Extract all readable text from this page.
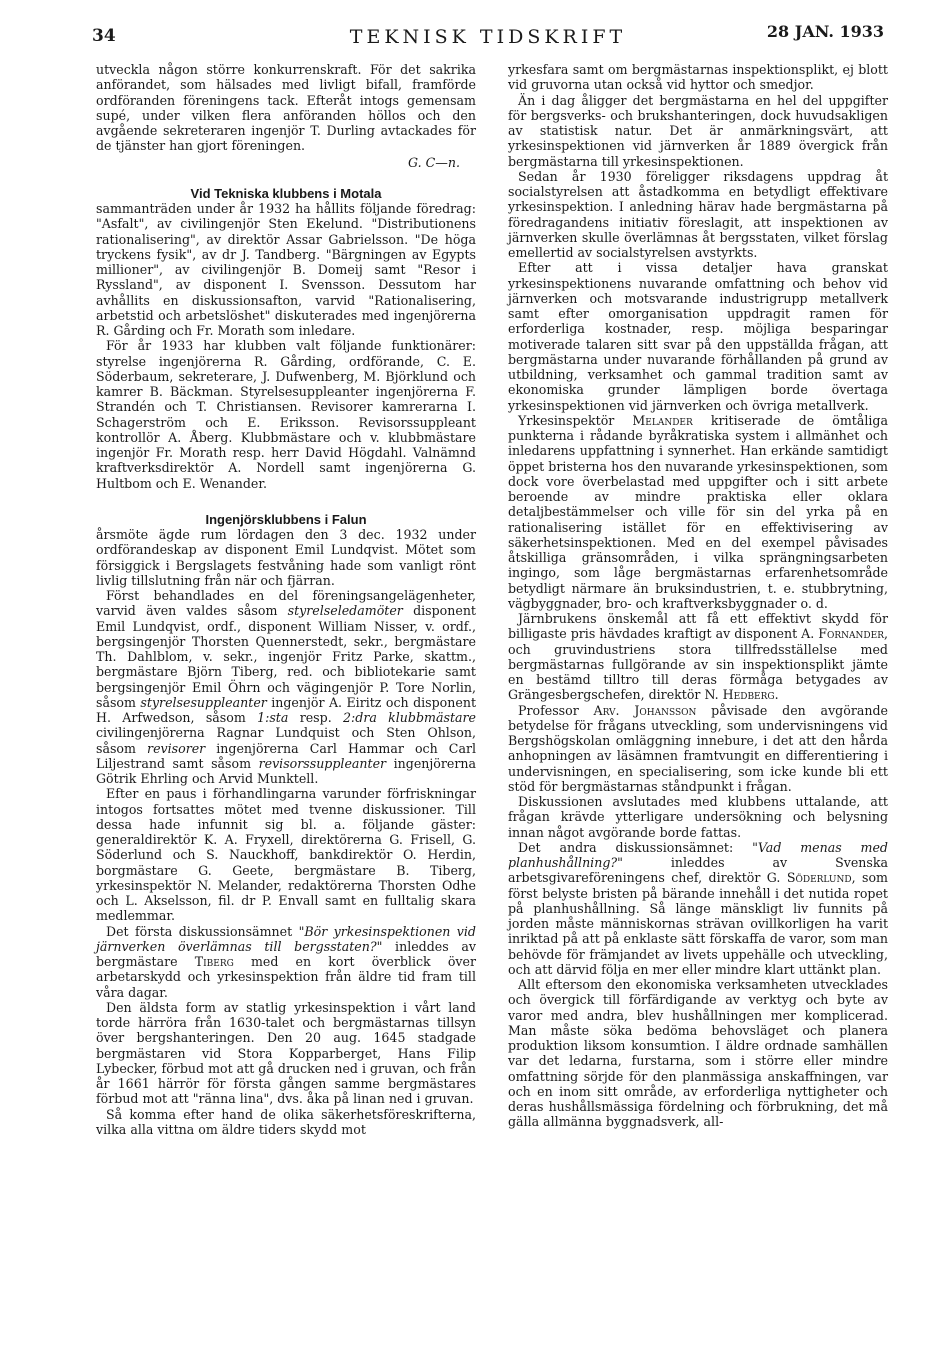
34	TEKNISK TIDSKRIFT	28 JAN. 1933

utveckla någon större konkurrenskraft. För det sakrika anförandet, som hälsades med livligt bifall, framförde ordföranden föreningens tack. Efteråt intogs gemensam supé, under vilken flera anföranden höllos och den avgående sekreteraren ingenjör T. Durling avtackades för de tjänster han gjort föreningen.

G. C—n.
Vid Tekniska klubbens i Motala

sammanträden under år 1932 ha hållits följande föredrag: "Asfalt", av civilingenjör Sten Ekelund. "Distributionens rationalisering", av direktör Assar Gabrielsson. "De höga tryckens fysik", av dr J. Tandberg. "Bärgningen av Egypts millioner", av civilingenjör B. Domeij samt "Resor i Ryssland", av disponent I. Svensson. Dessutom har avhållits en diskussionsafton, varvid "Rationalisering, arbetstid och arbetslöshet" diskuterades med ingenjörerna R. Gårding och Fr. Morath som inledare.

För år 1933 har klubben valt följande funktionärer: styrelse ingenjörerna R. Gårding, ordförande, C. E. Söderbaum, sekreterare, J. Dufwenberg, M. Björklund och kamrer B. Bäckman. Styrelsesuppleanter ingenjörerna F. Strandén och T. Christiansen. Revisorer kamrerarna I. Schagerström och E. Eriksson. Revisorssuppleant kontrollör A. Åberg. Klubbmästare och v. klubbmästare ingenjör Fr. Morath resp. herr David Högdahl. Valnämnd kraftverksdirektör A. Nordell samt ingenjörerna G. Hultbom och E. Wenander.

Ingenjörsklubbens i Falun

årsmöte ägde rum lördagen den 3 dec. 1932 under ordförandeskap av disponent Emil Lundqvist. Mötet som försiggick i Bergslagets festvåning hade som vanligt rönt livlig tillslutning från när och fjärran.

Först behandlades en del föreningsangelägenheter, varvid även valdes såsom styrelseledamöter disponent Emil Lundqvist, ordf., disponent William Nisser, v. ordf., bergsingenjör Thorsten Quennerstedt, sekr., bergmästare Th. Dahlblom, v. sekr., ingenjör Fritz Parke, skattm., bergmästare Björn Tiberg, red. och bibliotekarie samt bergsingenjör Emil Öhrn och vägingenjör P. Tore Norlin, såsom styrelsesuppleanter ingenjör A. Eiritz och disponent H. Arfwedson, såsom 1:sta resp. 2:dra klubbmästare civilingenjörerna Ragnar Lundquist och Sten Ohlson, såsom revisorer ingenjörerna Carl Hammar och Carl Liljestrand samt såsom revisorssuppleanter ingenjörerna Götrik Ehrling och Arvid Munktell.

Efter en paus i förhandlingarna varunder förfriskningar intogos fortsattes mötet med tvenne diskussioner. Till dessa hade infunnit sig bl. a. följande gäster: generaldirektör K. A. Fryxell, direktörerna G. Frisell, G. Söderlund och S. Nauckhoff, bankdirektör O. Herdin, borgmästare G. Geete, bergmästare B. Tiberg, yrkesinspektör N. Melander, redaktörerna Thorsten Odhe och L. Akselsson, fil. dr P. Envall samt en fulltalig skara medlemmar.

Det första diskussionsämnet "Bör yrkesinspektionen vid järnverken överlämnas till bergsstaten?" inleddes av bergmästare Tiberg med en kort överblick över arbetarskydd och yrkesinspektion från äldre tid fram till våra dagar.

Den äldsta form av statlig yrkesinspektion i vårt land torde härröra från 1630-talet och bergmästarnas tillsyn över bergshanteringen. Den 20 aug. 1645 stadgade bergmästaren vid Stora Kopparberget, Hans Filip Lybecker, förbud mot att gå drucken ned i gruvan, och från år 1661 härrör för första gången samme bergmästares förbud mot att "ränna lina", dvs. åka på linan ned i gruvan.

Så komma efter hand de olika säkerhetsföreskrifterna, vilka alla vittna om äldre tiders skydd mot

yrkesfara samt om bergmästarnas inspektionsplikt, ej blott vid gruvorna utan också vid hyttor och smedjor.

Än i dag åligger det bergmästarna en hel del uppgifter för bergsverks- och brukshanteringen, dock huvudsakligen av statistisk natur. Det är anmärkningsvärt, att yrkesinspektionen vid järnverken år 1889 övergick från bergmästarna till yrkesinspektionen.

Sedan år 1930 föreligger riksdagens uppdrag åt socialstyrelsen att åstadkomma en betydligt effektivare yrkesinspektion. I anledning härav hade bergmästarna på föredragandens initiativ föreslagit, att inspektionen av järnverken skulle överlämnas åt bergsstaten, vilket förslag emellertid av socialstyrelsen avstyrkts.

Efter att i vissa detaljer hava granskat yrkesinspektionens nuvarande omfattning och behov vid järnverken och motsvarande industrigrupp metallverk samt efter omorganisation uppdragit ramen för erforderliga kostnader, resp. möjliga besparingar motiverade talaren sitt svar på den uppställda frågan, att bergmästarna under nuvarande förhållanden på grund av utbildning, verksamhet och gammal tradition samt av ekonomiska grunder lämpligen borde övertaga yrkesinspektionen vid järnverken och övriga metallverk.

Yrkesinspektör Melander kritiserade de ömtåliga punkterna i rådande byråkratiska system i allmänhet och inledarens uppfattning i synnerhet. Han erkände samtidigt öppet bristerna hos den nuvarande yrkesinspektionen, som dock vore överbelastad med uppgifter och i sitt arbete beroende av mindre praktiska eller oklara detaljbestämmelser och ville för sin del yrka på en rationalisering istället för en effektivisering av säkerhetsinspektionen. Med en del exempel påvisades åtskilliga gränsområden, i vilka sprängningsarbeten ingingo, som låge bergmästarnas erfarenhetsområde betydligt närmare än bruksindustrien, t. e. stubbrytning, vägbyggnader, bro- och kraftverksbyggnader o. d.

Järnbrukens önskemål att få ett effektivt skydd för billigaste pris hävdades kraftigt av disponent A. Fornander, och gruvindustriens stora tillfredsställelse med bergmästarnas fullgörande av sin inspektionsplikt jämte en bestämd tilltro till deras förmåga betygades av Grängesbergschefen, direktör N. Hedberg.

Professor Arv. Johansson påvisade den avgörande betydelse för frågans utveckling, som undervisningens vid Bergshögskolan omläggning innebure, i det att den hårda anhopningen av läsämnen framtvungit en differentiering i undervisningen, en specialisering, som icke kunde bli ett stöd för bergmästarnas ståndpunkt i frågan.

Diskussionen avslutades med klubbens uttalande, att frågan krävde ytterligare undersökning och belysning innan något avgörande borde fattas.

Det andra diskussionsämnet: "Vad menas med planhushållning?" inleddes av Svenska arbetsgivareföreningens chef, direktör G. Söderlund, som först belyste bristen på bärande innehåll i det nutida ropet på planhushållning. Så länge mänskligt liv funnits på jorden måste människornas strävan ovillkorligen ha varit inriktad på att på enklaste sätt förskaffa de varor, som man behövde för främjandet av livets uppehälle och utveckling, och att därvid följa en mer eller mindre klart uttänkt plan.

Allt eftersom den ekonomiska verksamheten utvecklades och övergick till förfärdigande av verktyg och byte av varor med andra, blev hushållningen mer komplicerad. Man måste söka bedöma behovsläget och planera produktion liksom konsumtion. I äldre ordnade samhällen var det ledarna, furstarna, som i större eller mindre omfattning sörjde för den planmässiga anskaffningen, var och en inom sitt område, av erforderliga nyttigheter och deras hushållsmässiga fördelning och förbrukning, det må gälla allmänna byggnadsverk, all-
